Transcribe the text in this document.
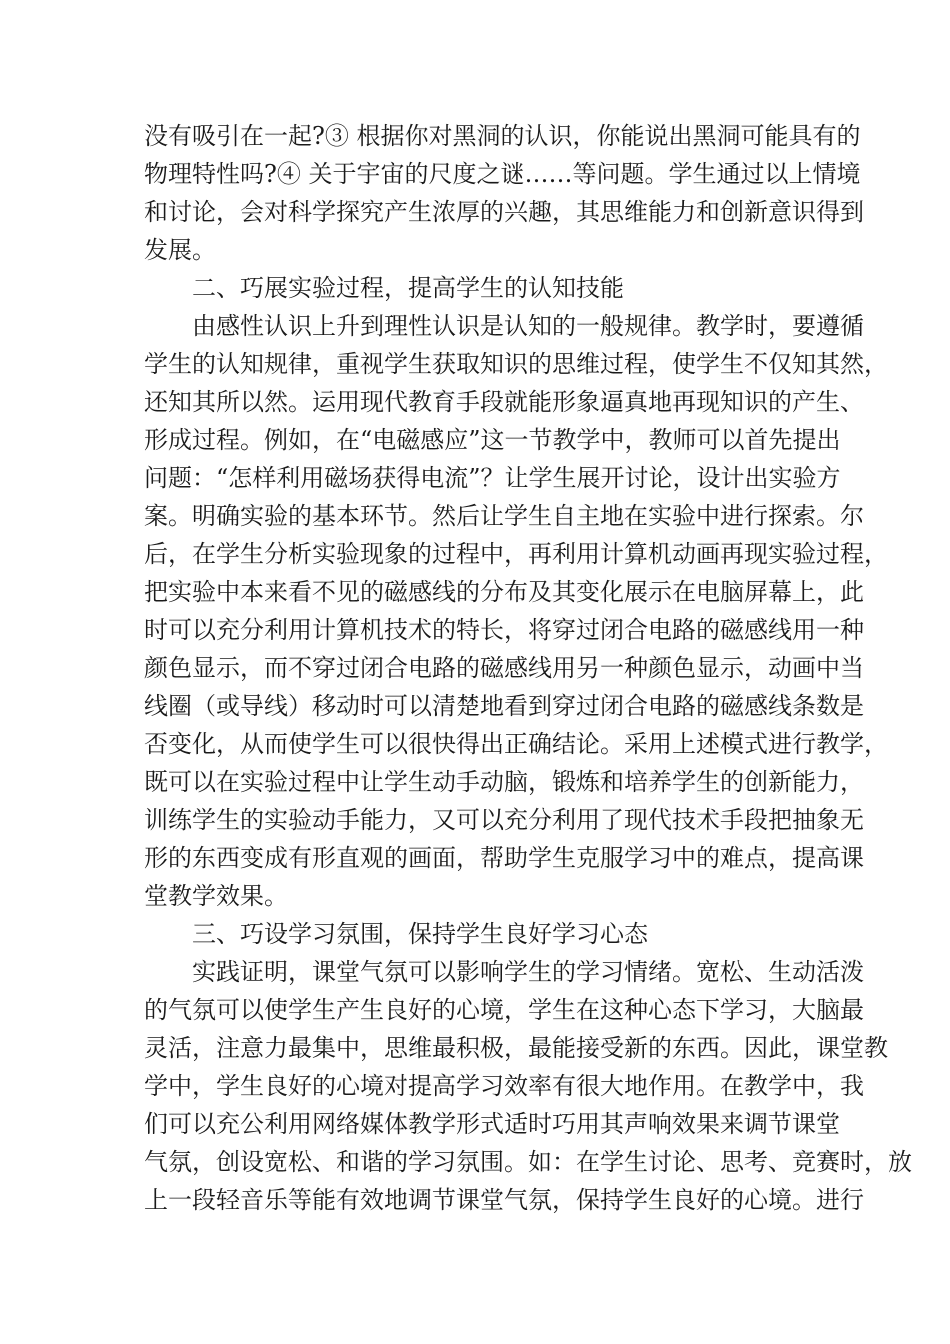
没有吸引在一起?③ 根据你对黑洞的认识，你能说出黑洞可能具有的

物理特性吗?④ 关于宇宙的尺度之谜……等问题。学生通过以上情境

和讨论，会对科学探究产生浓厚的兴趣，其思维能力和创新意识得到

发展。

二、巧展实验过程，提高学生的认知技能

由感性认识上升到理性认识是认知的一般规律。教学时，要遵循

学生的认知规律，重视学生获取知识的思维过程，使学生不仅知其然，

还知其所以然。运用现代教育手段就能形象逼真地再现知识的产生、

形成过程。例如，在“电磁感应”这一节教学中，教师可以首先提出

问题：“怎样利用磁场获得电流”？让学生展开讨论，设计出实验方

案。明确实验的基本环节。然后让学生自主地在实验中进行探索。尔

后，在学生分析实验现象的过程中，再利用计算机动画再现实验过程，

把实验中本来看不见的磁感线的分布及其变化展示在电脑屏幕上，此

时可以充分利用计算机技术的特长，将穿过闭合电路的磁感线用一种

颜色显示，而不穿过闭合电路的磁感线用另一种颜色显示，动画中当

线圈（或导线）移动时可以清楚地看到穿过闭合电路的磁感线条数是

否变化，从而使学生可以很快得出正确结论。采用上述模式进行教学，

既可以在实验过程中让学生动手动脑，锻炼和培养学生的创新能力，

训练学生的实验动手能力，又可以充分利用了现代技术手段把抽象无

形的东西变成有形直观的画面，帮助学生克服学习中的难点，提高课

堂教学效果。

三、巧设学习氛围，保持学生良好学习心态

实践证明，课堂气氛可以影响学生的学习情绪。宽松、生动活泼

的气氛可以使学生产生良好的心境，学生在这种心态下学习，大脑最

灵活，注意力最集中，思维最积极，最能接受新的东西。因此，课堂教

学中，学生良好的心境对提高学习效率有很大地作用。在教学中，我

们可以充公利用网络媒体教学形式适时巧用其声响效果来调节课堂

气氛，创设宽松、和谐的学习氛围。如：在学生讨论、思考、竞赛时，放

上一段轻音乐等能有效地调节课堂气氛，保持学生良好的心境。进行
